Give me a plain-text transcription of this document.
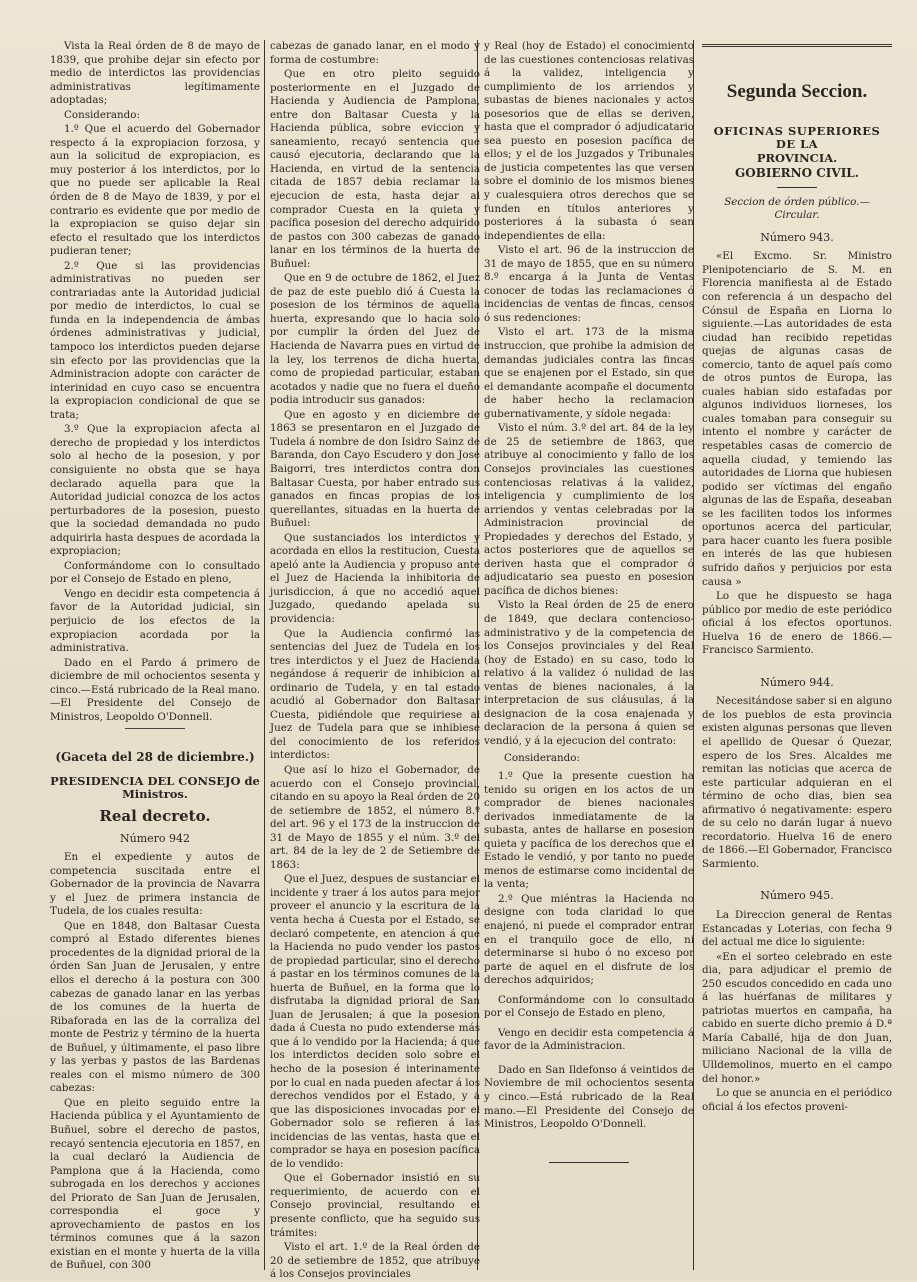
Vista la Real órden de 8 de mayo de 1839, que prohibe dejar sin efecto por medio de interdictos las providencias administrativas legítimamente adoptadas;

Considerando:

1.º Que el acuerdo del Gobernador respecto á la expropiacion forzosa, y aun la solicitud de expropiacion, es muy posterior á los interdictos, por lo que no puede ser aplicable la Real órden de 8 de Mayo de 1839, y por el contrario es evidente que por medio de la expropiacion se quiso dejar sin efecto el resultado que los interdictos pudieran tener;

2.º Que si las providencias administrativas no pueden ser contrariadas ante la Autoridad judicial por medio de interdictos, lo cual se funda en la independencia de ámbas órdenes administrativas y judicial, tampoco los interdictos pueden dejarse sin efecto por las providencias que la Administracion adopte con carácter de interinidad en cuyo caso se encuentra la expropiacion condicional de que se trata;

3.º Que la expropiacion afecta al derecho de propiedad y los interdictos solo al hecho de la posesion, y por consiguiente no obsta que se haya declarado aquella para que la Autoridad judicial conozca de los actos perturbadores de la posesion, puesto que la sociedad demandada no pudo adquirirla hasta despues de acordada la expropiacion;

Conformándome con lo consultado por el Consejo de Estado en pleno,

Vengo en decidir esta competencia á favor de la Autoridad judicial, sin perjuicio de los efectos de la expropiacion acordada por la administrativa.

Dado en el Pardo á primero de diciembre de mil ochocientos sesenta y cinco.—Está rubricado de la Real mano.—El Presidente del Consejo de Ministros, Leopoldo O'Donnell.

(Gaceta del 28 de diciembre.)

PRESIDENCIA DEL CONSEJO de Ministros.

Real decreto.

Número 942

En el expediente y autos de competencia suscitada entre el Gobernador de la provincia de Navarra y el Juez de primera instancia de Tudela, de los cuales resulta:

Que en 1848, don Baltasar Cuesta compró al Estado diferentes bienes procedentes de la dignidad prioral de la órden San Juan de Jerusalen, y entre ellos el derecho á la postura con 300 cabezas de ganado lanar en las yerbas de los comunes de la huerta de Ribaforada en las de la corraliza del monte de Pestriz y término de la huerta de Buñuel, y últimamente, el paso libre y las yerbas y pastos de las Bardenas reales con el mismo número de 300 cabezas:

Que en pleito seguido entre la Hacienda pública y el Ayuntamiento de Buñuel, sobre el derecho de pastos, recayó sentencia ejecutoria en 1857, en la cual declaró la Audiencia de Pamplona que á la Hacienda, como subrogada en los derechos y acciones del Priorato de San Juan de Jerusalen, correspondia el goce y aprovechamiento de pastos en los términos comunes que á la sazon existian en el monte y huerta de la villa de Buñuel, con 300

cabezas de ganado lanar, en el modo y forma de costumbre:

Que en otro pleito seguido posteriormente en el Juzgado de Hacienda y Audiencia de Pamplona, entre don Baltasar Cuesta y la Hacienda pública, sobre eviccion y saneamiento, recayó sentencia que causó ejecutoria, declarando que la Hacienda, en virtud de la sentencia citada de 1857 debia reclamar la ejecucion de esta, hasta dejar al comprador Cuesta en la quieta y pacífica posesion del derecho adquirido de pastos con 300 cabezas de ganado lanar en los términos de la huerta de Buñuel:

Que en 9 de octubre de 1862, el Juez de paz de este pueblo dió á Cuesta la posesion de los términos de aquella huerta, expresando que lo hacia solo por cumplir la órden del Juez de Hacienda de Navarra pues en virtud de la ley, los terrenos de dicha huerta, como de propiedad particular, estaban acotados y nadie que no fuera el dueño podia introducir sus ganados:

Que en agosto y en diciembre de 1863 se presentaron en el Juzgado de Tudela á nombre de don Isidro Sainz de Baranda, don Cayo Escudero y don José Baigorri, tres interdictos contra don Baltasar Cuesta, por haber entrado sus ganados en fincas propias de los querellantes, situadas en la huerta de Buñuel:

Que sustanciados los interdictos y acordada en ellos la restitucion, Cuesta apeló ante la Audiencia y propuso ante el Juez de Hacienda la inhibitoria de jurisdiccion, á que no accedió aquel Juzgado, quedando apelada su providencia:

Que la Audiencia confirmó las sentencias del Juez de Tudela en los tres interdictos y el Juez de Hacienda negándose á requerir de inhibicion al ordinario de Tudela, y en tal estado acudió al Gobernador don Baltasar Cuesta, pidiéndole que requiriese al Juez de Tudela para que se inhibiese del conocimiento de los referidos interdictos:

Que así lo hizo el Gobernador, de acuerdo con el Consejo provincial, citando en su apoyo la Real órden de 20 de setiembre de 1852, el número 8.º del art. 96 y el 173 de la instruccion de 31 de Mayo de 1855 y el núm. 3.º del art. 84 de la ley de 2 de Setiembre de 1863:

Que el Juez, despues de sustanciar el incidente y traer á los autos para mejor proveer el anuncio y la escritura de la venta hecha á Cuesta por el Estado, se declaró competente, en atencion á que la Hacienda no pudo vender los pastos de propiedad particular, sino el derecho á pastar en los términos comunes de la huerta de Buñuel, en la forma que lo disfrutaba la dignidad prioral de San Juan de Jerusalen; á que la posesion dada á Cuesta no pudo extenderse más que á lo vendido por la Hacienda; á que los interdictos deciden solo sobre el hecho de la posesion é interinamente por lo cual en nada pueden afectar á los derechos vendidos por el Estado, y á que las disposiciones invocadas por el Gobernador solo se refieren á las incidencias de las ventas, hasta que el comprador se haya en posesion pacífica de lo vendido:

Que el Gobernador insistió en su requerimiento, de acuerdo con el Consejo provincial, resultando el presente conflicto, que ha seguido sus trámites:

Visto el art. 1.º de la Real órden de 20 de setiembre de 1852, que atribuye á los Consejos provinciales

y Real (hoy de Estado) el conocimiento de las cuestiones contenciosas relativas á la validez, inteligencia y cumplimiento de los arriendos y subastas de bienes nacionales y actos posesorios que de ellas se deriven, hasta que el comprador ó adjudicatario sea puesto en posesion pacífica de ellos; y el de los Juzgados y Tribunales de justicia competentes las que versen sobre el dominio de los mismos bienes y cualesquiera otros derechos que se funden en títulos anteriores y posteriores á la subasta ó sean independientes de ella:

Visto el art. 96 de la instruccion de 31 de mayo de 1855, que en su número 8.º encarga á la Junta de Ventas conocer de todas las reclamaciones ó incidencias de ventas de fincas, censos ó sus redenciones:

Visto el art. 173 de la misma instruccion, que prohibe la admision de demandas judiciales contra las fincas que se enajenen por el Estado, sin que el demandante acompañe el documento de haber hecho la reclamacion gubernativamente, y sídole negada:

Visto el núm. 3.º del art. 84 de la ley de 25 de setiembre de 1863, que atribuye al conocimiento y fallo de los Consejos provinciales las cuestiones contenciosas relativas á la validez, inteligencia y cumplimiento de los arriendos y ventas celebradas por la Administracion provincial de Propiedades y derechos del Estado, y actos posteriores que de aquellos se deriven hasta que el comprador ó adjudicatario sea puesto en posesion pacífica de dichos bienes:

Visto la Real órden de 25 de enero de 1849, que declara contencioso-administrativo y de la competencia de los Consejos provinciales y del Real (hoy de Estado) en su caso, todo lo relativo á la validez ó nulidad de las ventas de bienes nacionales, á la interpretacion de sus cláusulas, á la designacion de la cosa enajenada y declaracion de la persona á quien se vendió, y á la ejecucion del contrato:

Considerando:

1.º Que la presente cuestion ha tenido su origen en los actos de un comprador de bienes nacionales derivados inmediatamente de la subasta, antes de hallarse en posesion quieta y pacífica de los derechos que el Estado le vendió, y por tanto no puede menos de estimarse como incidental de la venta;

2.º Que miéntras la Hacienda no designe con toda claridad lo que enajenó, ni puede el comprador entrar en el tranquilo goce de ello, ni determinarse si hubo ó no exceso por parte de aquel en el disfrute de los derechos adquiridos;

Conformándome con lo consultado por el Consejo de Estado en pleno,

Vengo en decidir esta competencia á favor de la Administracion.

Dado en San Ildefonso á veintidos de Noviembre de mil ochocientos sesenta y cinco.—Está rubricado de la Real mano.—El Presidente del Consejo de Ministros, Leopoldo O'Donnell.

Segunda Seccion.

OFICINAS SUPERIORES DE LA

PROVINCIA.

GOBIERNO CIVIL.

Seccion de órden público.—Circular.

Número 943.

«El Excmo. Sr. Ministro Plenipotenciario de S. M. en Florencia manifiesta al de Estado con referencia á un despacho del Cónsul de España en Liorna lo siguiente.—Las autoridades de esta ciudad han recibido repetidas quejas de algunas casas de comercio, tanto de aquel país como de otros puntos de Europa, las cuales habian sido estafadas por algunos individuos liorneses, los cuales tomaban para conseguir su intento el nombre y carácter de respetables casas de comercio de aquella ciudad, y temiendo las autoridades de Liorna que hubiesen podido ser víctimas del engaño algunas de las de España, deseaban se les faciliten todos los informes oportunos acerca del particular, para hacer cuanto les fuera posible en interés de las que hubiesen sufrido daños y perjuicios por esta causa »

Lo que he dispuesto se haga público por medio de este periódico oficial á los efectos oportunos. Huelva 16 de enero de 1866.—Francisco Sarmiento.

Número 944.

Necesitándose saber si en alguno de los pueblos de esta provincia existen algunas personas que lleven el apellido de Quesar ó Quezar, espero de los Sres. Alcaldes me remitan las noticias que acerca de este particular adquieran en el término de ocho dias, bien sea afirmativo ó negativamente: espero de su celo no darán lugar á nuevo recordatorio. Huelva 16 de enero de 1866.—El Gobernador, Francisco Sarmiento.

Número 945.

La Direccion general de Rentas Estancadas y Loterias, con fecha 9 del actual me dice lo siguiente:

«En el sorteo celebrado en este dia, para adjudicar el premio de 250 escudos concedido en cada uno á las huérfanas de militares y patriotas muertos en campaña, ha cabido en suerte dicho premio á D.ª María Caballé, hija de don Juan, miliciano Nacional de la villa de Ulldemolinos, muerto en el campo del honor.»

Lo que se anuncia en el periódico oficial á los efectos proveni-
